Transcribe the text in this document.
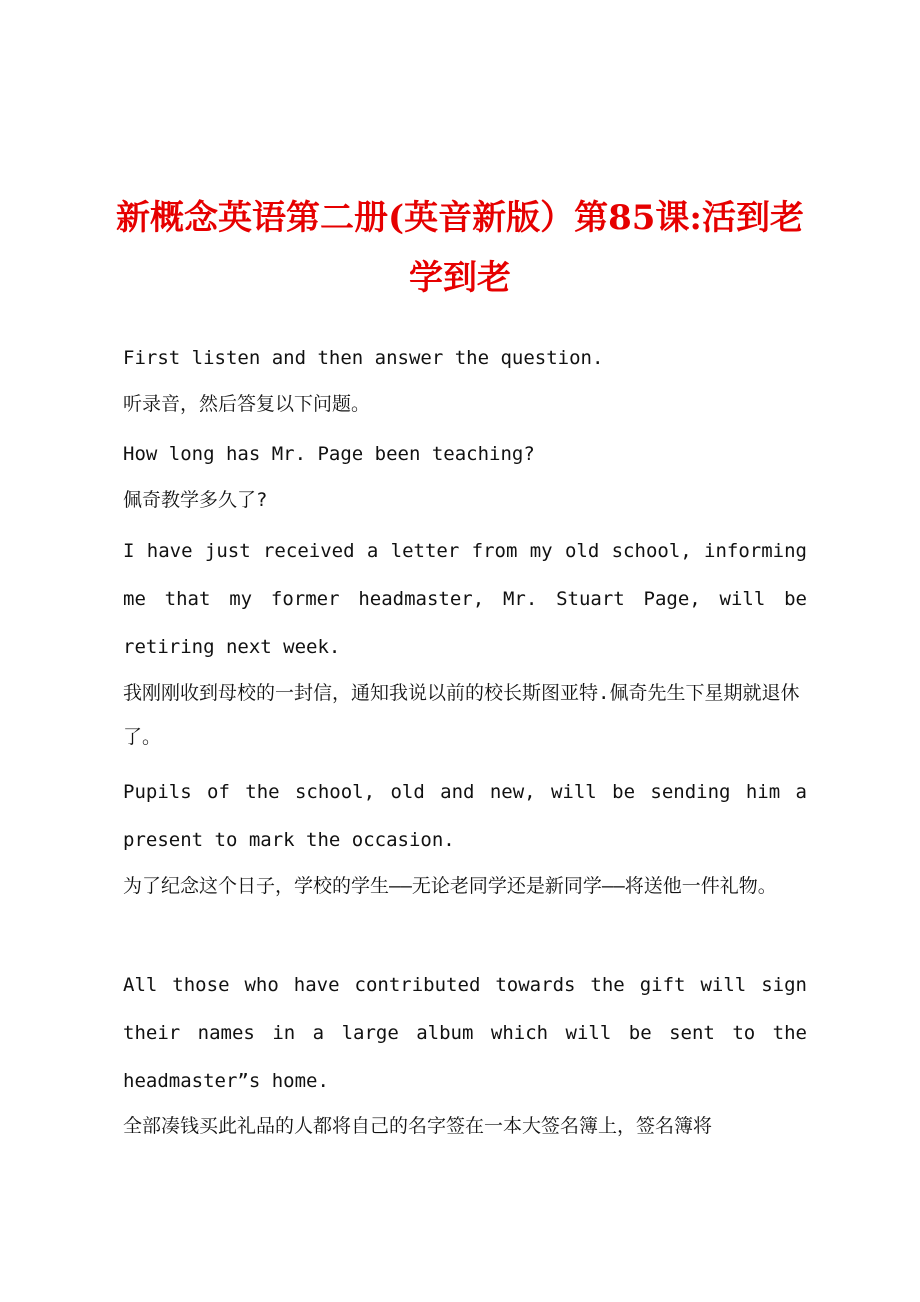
新概念英语第二册(英音新版）第85课:活到老学到老

First listen and then answer the question.

听录音，然后答复以下问题。

How long has Mr. Page been teaching?

佩奇教学多久了?

I have just received a letter from my old school, informing me that my former headmaster, Mr. Stuart Page, will be retiring next week.

我刚刚收到母校的一封信，通知我说以前的校长斯图亚特.佩奇先生下星期就退休了。

Pupils of the school, old and new, will be sending him a present to mark the occasion.

为了纪念这个日子，学校的学生——无论老同学还是新同学——将送他一件礼物。

All those who have contributed towards the gift will sign their names in a large album which will be sent to the headmaster”s home.

全部凑钱买此礼品的人都将自己的名字签在一本大签名簿上，签名簿将
